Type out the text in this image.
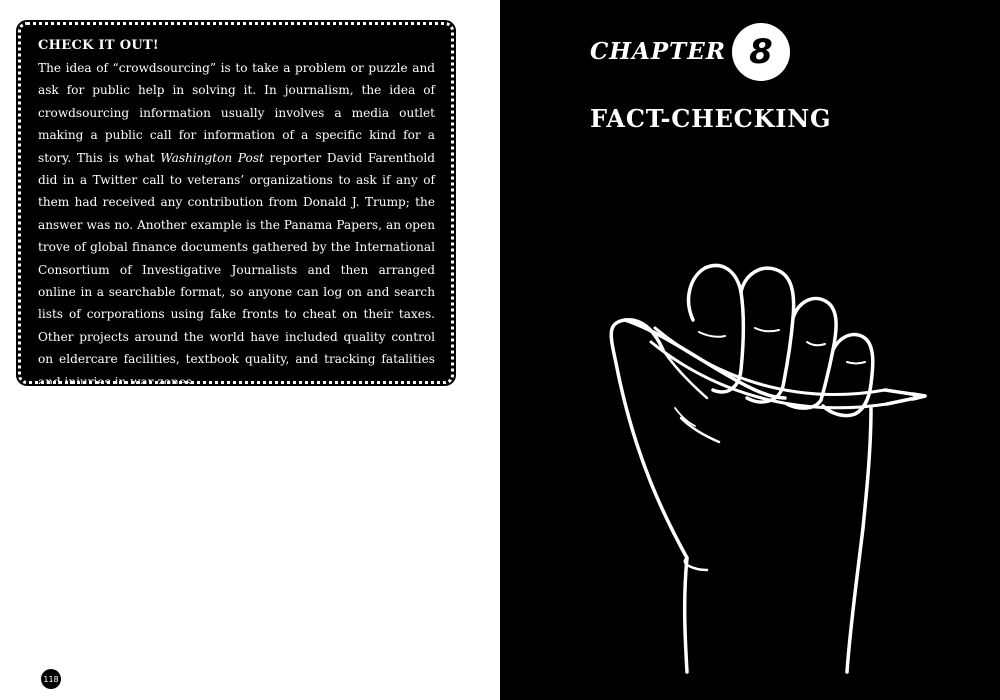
CHECK IT OUT!

The idea of “crowdsourcing” is to take a problem or puzzle and ask for public help in solving it. In journalism, the idea of crowdsourcing information usually involves a media outlet making a public call for information of a specific kind for a story. This is what Washington Post reporter David Farenthold did in a Twitter call to veterans’ organizations to ask if any of them had received any contribution from Donald J. Trump; the answer was no. Another example is the Panama Papers, an open trove of global finance documents gathered by the International Consortium of Investigative Journalists and then arranged online in a searchable format, so anyone can log on and search lists of corporations using fake fronts to cheat on their taxes. Other projects around the world have included quality control on eldercare facilities, textbook quality, and tracking fatalities and injuries in war zones.

118
CHAPTER 8
FACT-CHECKING
